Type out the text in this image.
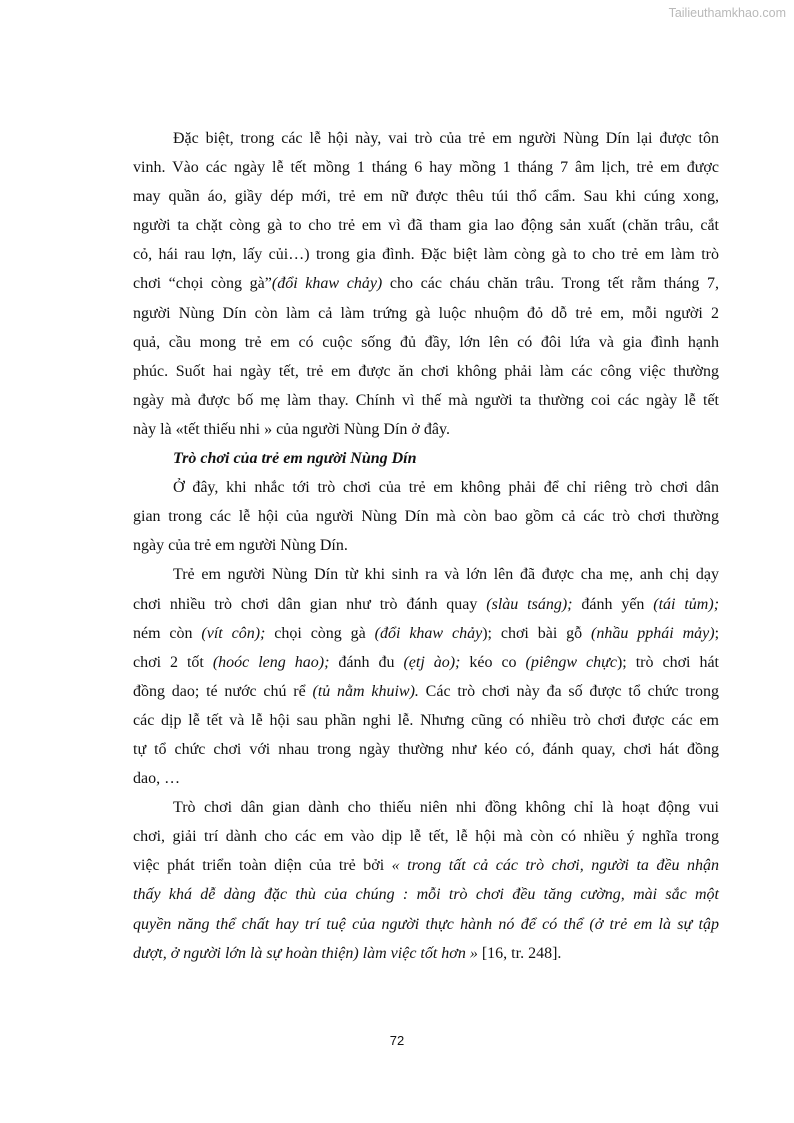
Tailieuthamkhao.com

Đặc biệt, trong các lễ hội này, vai trò của trẻ em người Nùng Dín lại được tôn
vinh. Vào các ngày lễ tết mồng 1 tháng 6 hay mồng 1 tháng 7 âm lịch, trẻ em được
may quần áo, giầy dép mới, trẻ em nữ được thêu túi thổ cẩm. Sau khi cúng xong,
người ta chặt còng gà to cho trẻ em vì đã tham gia lao động sản xuất (chăn trâu, cắt
cỏ, hái rau lợn, lấy củi…) trong gia đình. Đặc biệt làm còng gà to cho trẻ em làm trò
chơi “chọi còng gà”(đổi khaw chảy) cho các cháu chăn trâu. Trong tết rằm tháng 7,
người Nùng Dín còn làm cả làm trứng gà luộc nhuộm đỏ dỗ trẻ em, mỗi người 2
quả, cầu mong trẻ em có cuộc sống đủ đầy, lớn lên có đôi lứa và gia đình hạnh
phúc. Suốt hai ngày tết, trẻ em được ăn chơi không phải làm các công việc thường
ngày mà được bố mẹ làm thay. Chính vì thế mà người ta thường coi các ngày lễ tết
này là «tết thiếu nhi » của người Nùng Dín ở đây.

Trò chơi của trẻ em người Nùng Dín

Ở đây, khi nhắc tới trò chơi của trẻ em không phải để chỉ riêng trò chơi dân
gian trong các lễ hội của người Nùng Dín mà còn bao gồm cả các trò chơi thường
ngày của trẻ em người Nùng Dín.

Trẻ em người Nùng Dín từ khi sinh ra và lớn lên đã được cha mẹ, anh chị dạy
chơi nhiều trò chơi dân gian như trò đánh quay (slàu tsáng); đánh yến (tái tủm);
ném còn (vít côn); chọi còng gà (đổi khaw chảy); chơi bài gỗ (nhầu pphái mảy);
chơi 2 tốt (hoóc leng hao); đánh đu (ẹtj ào); kéo co (piêngw chực); trò chơi hát
đồng dao; té nước chú rể (tủ nằm khuiw). Các trò chơi này đa số được tổ chức trong
các dịp lễ tết và lễ hội sau phần nghi lễ. Nhưng cũng có nhiều trò chơi được các em
tự tổ chức chơi với nhau trong ngày thường như kéo có, đánh quay, chơi hát đồng
dao, …

Trò chơi dân gian dành cho thiếu niên nhi đồng không chỉ là hoạt động vui
chơi, giải trí dành cho các em vào dịp lễ tết, lễ hội mà còn có nhiều ý nghĩa trong
việc phát triển toàn diện của trẻ bởi « trong tất cả các trò chơi, người ta đều nhận
thấy khá dễ dàng đặc thù của chúng : mỗi trò chơi đều tăng cường, mài sắc một
quyền năng thể chất hay trí tuệ của người thực hành nó để có thể (ở trẻ em là sự tập
dượt, ở người lớn là sự hoàn thiện) làm việc tốt hơn » [16, tr. 248].

72
